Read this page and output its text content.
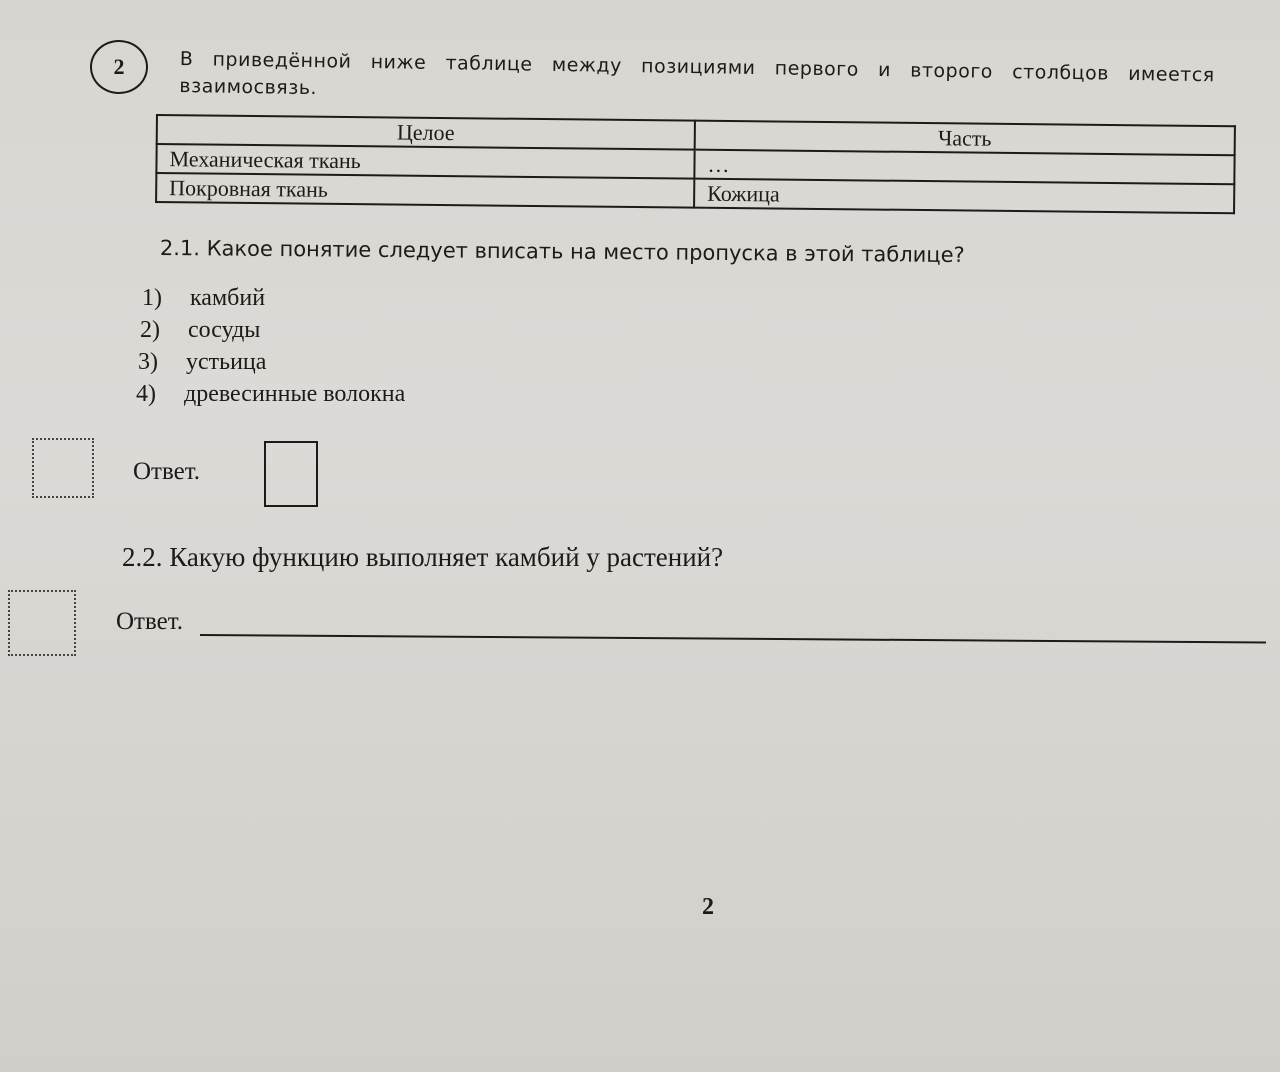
2	В приведённой ниже таблице между позициями первого и второго столбцов имеется взаимосвязь.
Целое	Часть
Механическая ткань	…
Покровная ткань	Кожица
2.1. Какое понятие следует вписать на место пропуска в этой таблице?
1)	камбий
2)	сосуды
3)	устьица
4)	древесинные волокна
Ответ.
2.2. Какую функцию выполняет камбий у растений?
Ответ.
2
